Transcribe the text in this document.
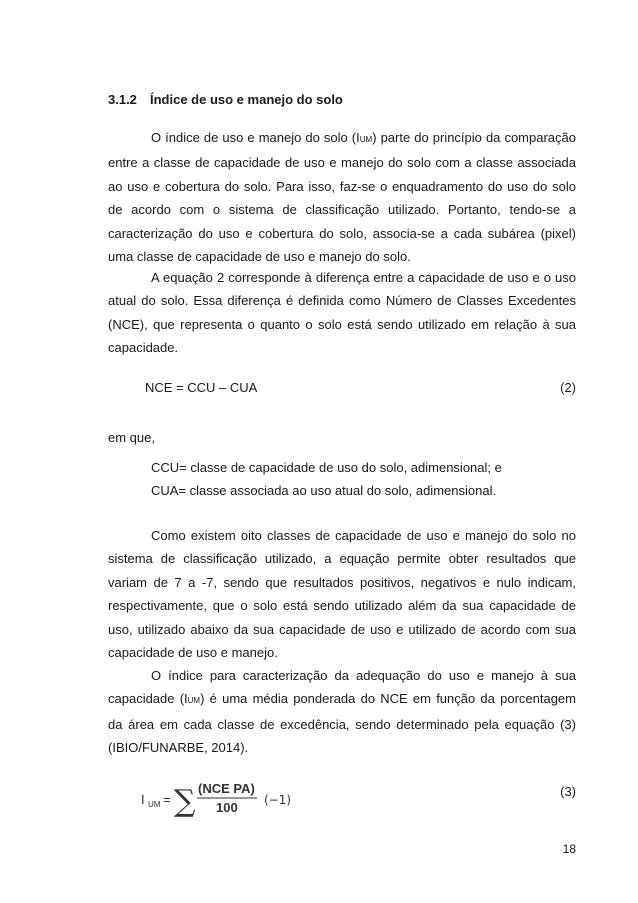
3.1.2 Índice de uso e manejo do solo

O índice de uso e manejo do solo (IUM) parte do princípio da comparação entre a classe de capacidade de uso e manejo do solo com a classe associada ao uso e cobertura do solo. Para isso, faz-se o enquadramento do uso do solo de acordo com o sistema de classificação utilizado. Portanto, tendo-se a caracterização do uso e cobertura do solo, associa-se a cada subárea (pixel) uma classe de capacidade de uso e manejo do solo.

A equação 2 corresponde à diferença entre a capacidade de uso e o uso atual do solo. Essa diferença é definida como Número de Classes Excedentes (NCE), que representa o quanto o solo está sendo utilizado em relação à sua capacidade.

NCE = CCU – CUA	(2)
em que,
CCU= classe de capacidade de uso do solo, adimensional; e
CUA= classe associada ao uso atual do solo, adimensional.

Como existem oito classes de capacidade de uso e manejo do solo no sistema de classificação utilizado, a equação permite obter resultados que variam de 7 a -7, sendo que resultados positivos, negativos e nulo indicam, respectivamente, que o solo está sendo utilizado além da sua capacidade de uso, utilizado abaixo da sua capacidade de uso e utilizado de acordo com sua capacidade de uso e manejo.

O índice para caracterização da adequação do uso e manejo à sua capacidade (IUM) é uma média ponderada do NCE em função da porcentagem da área em cada classe de excedência, sendo determinado pela equação (3) (IBIO/FUNARBE, 2014).

I UM = ∑ (NCE PA)
100 (−1)
(3)
18
